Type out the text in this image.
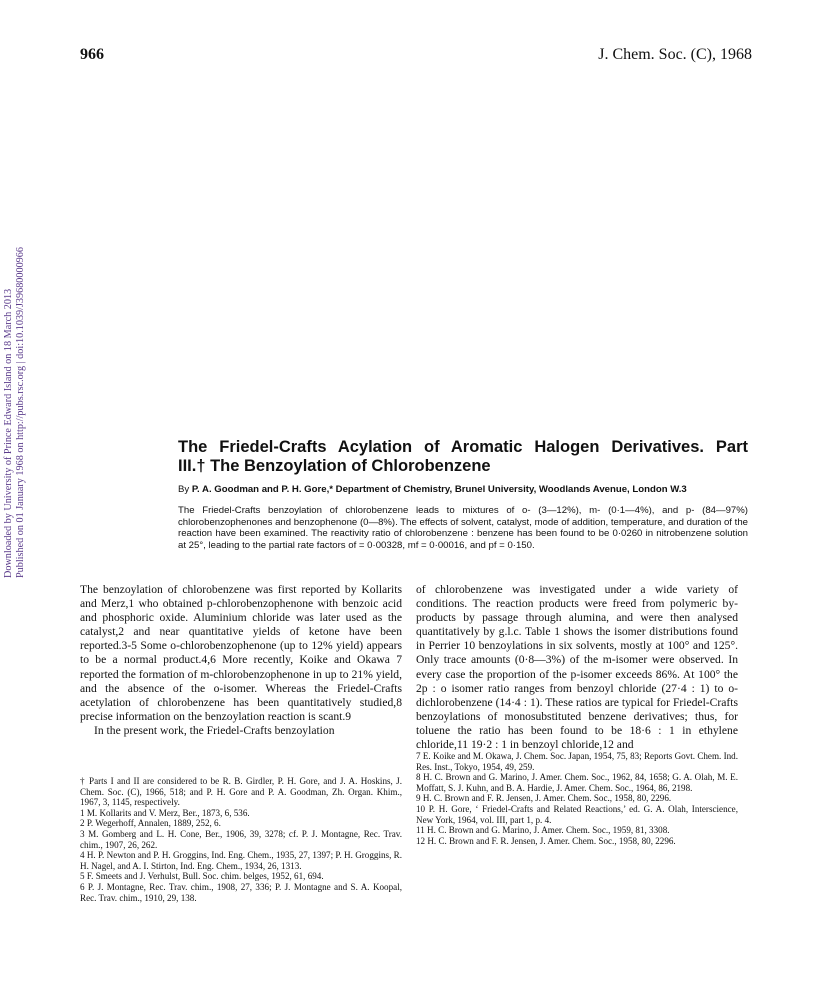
966	J. Chem. Soc. (C), 1968
Downloaded by University of Prince Edward Island on 18 March 2013 Published on 01 January 1968 on http://pubs.rsc.org | doi:10.1039/J39680000966	The Friedel-Crafts Acylation of Aromatic Halogen Derivatives. Part
III.† The Benzoylation of Chlorobenzene
By P. A. Goodman and P. H. Gore,* Department of Chemistry, Brunel University, Woodlands Avenue, London W.3
The Friedel-Crafts benzoylation of chlorobenzene leads to mixtures of o- (3—12%), m- (0·1—4%), and p- (84—97%) chlorobenzophenones and benzophenone (0—8%). The effects of solvent, catalyst, mode of addition, temperature, and duration of the reaction have been examined. The reactivity ratio of chlorobenzene : benzene has been found to be 0·0260 in nitrobenzene solution at 25°, leading to the partial rate factors of = 0·00328, mf = 0·00016, and pf = 0·150.

The benzoylation of chlorobenzene was first reported by Kollarits and Merz,1 who obtained p-chlorobenzophenone with benzoic acid and phosphoric oxide. Aluminium chloride was later used as the catalyst,2 and near quantitative yields of ketone have been reported.3-5 Some o-chlorobenzophenone (up to 12% yield) appears to be a normal product.4,6 More recently, Koike and Okawa 7 reported the formation of m-chlorobenzophenone in up to 21% yield, and the absence of the o-isomer. Whereas the Friedel-Crafts acetylation of chlorobenzene has been quantitatively studied,8 precise information on the benzoylation reaction is scant.9

In the present work, the Friedel-Crafts benzoylation

of chlorobenzene was investigated under a wide variety of conditions. The reaction products were freed from polymeric by-products by passage through alumina, and were then analysed quantitatively by g.l.c. Table 1 shows the isomer distributions found in Perrier 10 benzoylations in six solvents, mostly at 100° and 125°. Only trace amounts (0·8—3%) of the m-isomer were observed. In every case the proportion of the p-isomer exceeds 86%. At 100° the 2p : o isomer ratio ranges from benzoyl chloride (27·4 : 1) to o-dichlorobenzene (14·4 : 1). These ratios are typical for Friedel-Crafts benzoylations of monosubstituted benzene derivatives; thus, for toluene the ratio has been found to be 18·6 : 1 in ethylene chloride,11 19·2 : 1 in benzoyl chloride,12 and

† Parts I and II are considered to be R. B. Girdler, P. H. Gore, and J. A. Hoskins, J. Chem. Soc. (C), 1966, 518; and P. H. Gore and P. A. Goodman, Zh. Organ. Khim., 1967, 3, 1145, respectively.

1 M. Kollarits and V. Merz, Ber., 1873, 6, 536.

2 P. Wegerhoff, Annalen, 1889, 252, 6.

3 M. Gomberg and L. H. Cone, Ber., 1906, 39, 3278; cf. P. J. Montagne, Rec. Trav. chim., 1907, 26, 262.

4 H. P. Newton and P. H. Groggins, Ind. Eng. Chem., 1935, 27, 1397; P. H. Groggins, R. H. Nagel, and A. I. Stirton, Ind. Eng. Chem., 1934, 26, 1313.

5 F. Smeets and J. Verhulst, Bull. Soc. chim. belges, 1952, 61, 694.

6 P. J. Montagne, Rec. Trav. chim., 1908, 27, 336; P. J. Montagne and S. A. Koopal, Rec. Trav. chim., 1910, 29, 138.

7 E. Koike and M. Okawa, J. Chem. Soc. Japan, 1954, 75, 83; Reports Govt. Chem. Ind. Res. Inst., Tokyo, 1954, 49, 259.

8 H. C. Brown and G. Marino, J. Amer. Chem. Soc., 1962, 84, 1658; G. A. Olah, M. E. Moffatt, S. J. Kuhn, and B. A. Hardie, J. Amer. Chem. Soc., 1964, 86, 2198.

9 H. C. Brown and F. R. Jensen, J. Amer. Chem. Soc., 1958, 80, 2296.

10 P. H. Gore, ‘ Friedel-Crafts and Related Reactions,’ ed. G. A. Olah, Interscience, New York, 1964, vol. III, part 1, p. 4.

11 H. C. Brown and G. Marino, J. Amer. Chem. Soc., 1959, 81, 3308.

12 H. C. Brown and F. R. Jensen, J. Amer. Chem. Soc., 1958, 80, 2296.
